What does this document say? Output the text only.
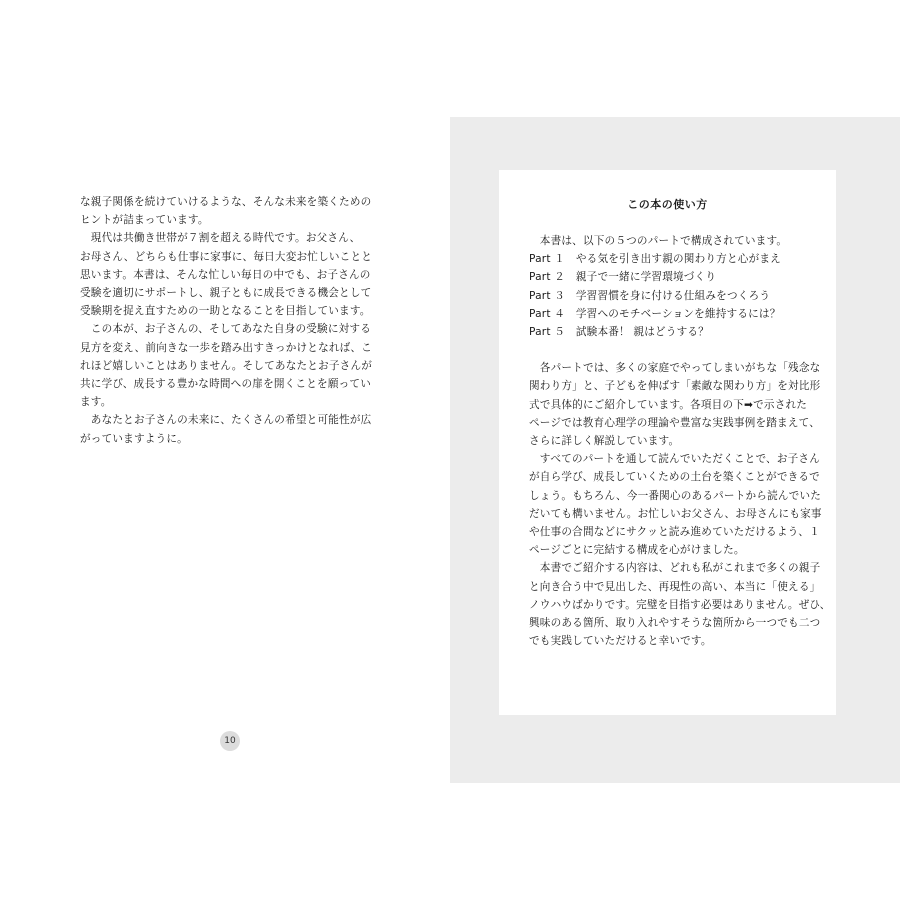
な親子関係を続けていけるような、そんな未来を築くための

ヒントが詰まっています。

　現代は共働き世帯が７割を超える時代です。お父さん、

お母さん、どちらも仕事に家事に、毎日大変お忙しいことと

思います。本書は、そんな忙しい毎日の中でも、お子さんの

受験を適切にサポートし、親子ともに成長できる機会として

受験期を捉え直すための一助となることを目指しています。

　この本が、お子さんの、そしてあなた自身の受験に対する

見方を変え、前向きな一歩を踏み出すきっかけとなれば、こ

れほど嬉しいことはありません。そしてあなたとお子さんが

共に学び、成長する豊かな時間への扉を開くことを願ってい

ます。

　あなたとお子さんの未来に、たくさんの希望と可能性が広

がっていますように。

10
この本の使い方

　本書は、以下の５つのパートで構成されています。

Part １　やる気を引き出す親の関わり方と心がまえ

Part ２　親子で一緒に学習環境づくり

Part ３　学習習慣を身に付ける仕組みをつくろう

Part ４　学習へのモチベーションを維持するには？

Part ５　試験本番！ 親はどうする？

　各パートでは、多くの家庭でやってしまいがちな「残念な

関わり方」と、子どもを伸ばす「素敵な関わり方」を対比形

式で具体的にご紹介しています。各項目の下➡で示された

ページでは教育心理学の理論や豊富な実践事例を踏まえて、

さらに詳しく解説しています。

　すべてのパートを通して読んでいただくことで、お子さん

が自ら学び、成長していくための土台を築くことができるで

しょう。もちろん、今一番関心のあるパートから読んでいた

だいても構いません。お忙しいお父さん、お母さんにも家事

や仕事の合間などにサクッと読み進めていただけるよう、１

ページごとに完結する構成を心がけました。

　本書でご紹介する内容は、どれも私がこれまで多くの親子

と向き合う中で見出した、再現性の高い、本当に「使える」

ノウハウばかりです。完璧を目指す必要はありません。ぜひ、

興味のある箇所、取り入れやすそうな箇所から一つでも二つ

でも実践していただけると幸いです。
